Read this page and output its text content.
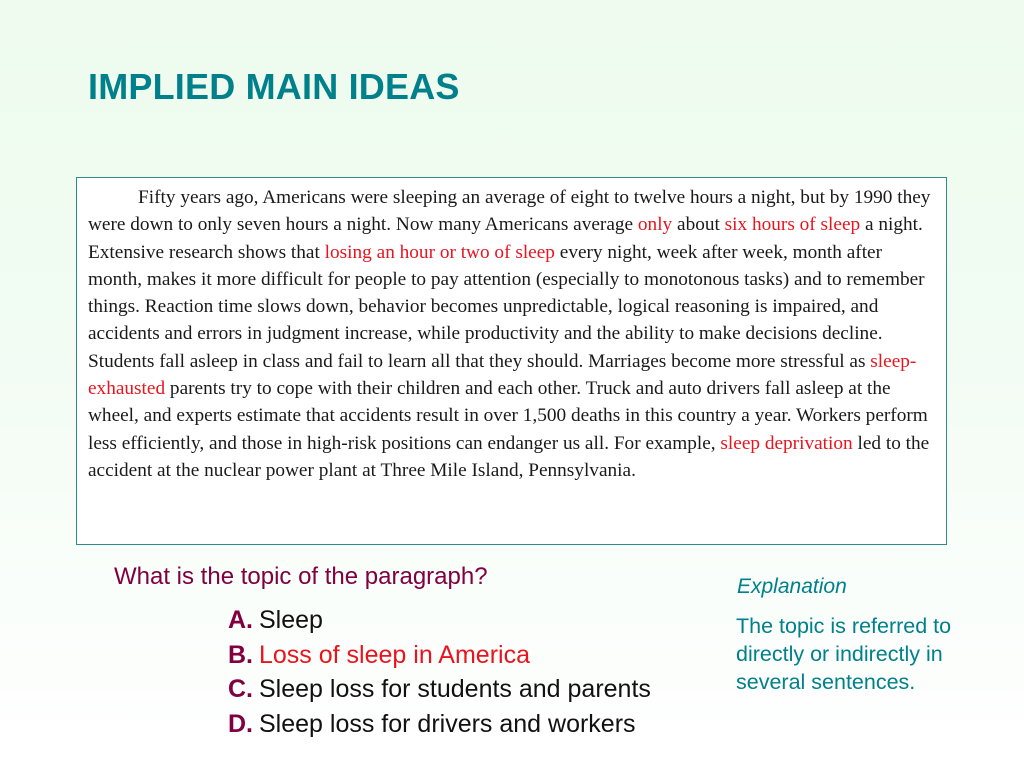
IMPLIED MAIN IDEAS

Fifty years ago, Americans were sleeping an average of eight to twelve hours a night, but by 1990 they were down to only seven hours a night. Now many Americans average only about six hours of sleep a night. Extensive research shows that losing an hour or two of sleep every night, week after week, month after month, makes it more difficult for people to pay attention (especially to monotonous tasks) and to remember things. Reaction time slows down, behavior becomes unpredictable, logical reasoning is impaired, and accidents and errors in judgment increase, while productivity and the ability to make decisions decline. Students fall asleep in class and fail to learn all that they should. Marriages become more stressful as sleep-exhausted parents try to cope with their children and each other. Truck and auto drivers fall asleep at the wheel, and experts estimate that accidents result in over 1,500 deaths in this country a year. Workers perform less efficiently, and those in high-risk positions can endanger us all. For example, sleep deprivation led to the accident at the nuclear power plant at Three Mile Island, Pennsylvania.

What is the topic of the paragraph?
A. Sleep
B. Loss of sleep in America
C. Sleep loss for students and parents
D. Sleep loss for drivers and workers
Explanation
The topic is referred to directly or indirectly in several sentences.
